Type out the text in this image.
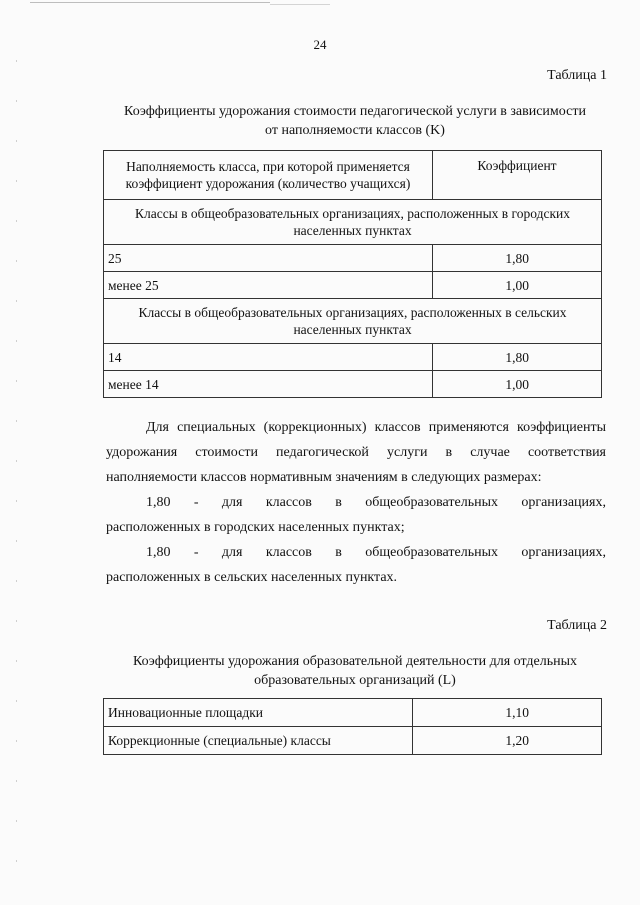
24
Таблица 1
Коэффициенты удорожания стоимости педагогической услуги в зависимости
от наполняемости классов (K)
Наполняемость класса, при которой применяется
коэффициент удорожания (количество учащихся)	Коэффициент

Классы в общеобразовательных организациях, расположенных в городских
населенных пунктах	

25	1,80
менее 25	1,00

Классы в общеобразовательных организациях, расположенных в сельских
населенных пунктах	

14	1,80
менее 14	1,00

Для специальных (коррекционных) классов применяются коэффициенты удорожания стоимости педагогической услуги в случае соответствия наполняемости классов нормативным значениям в следующих размерах:

1,80 - для классов в общеобразовательных организациях,

расположенных в городских населенных пунктах;

1,80 - для классов в общеобразовательных организациях,

расположенных в сельских населенных пунктах.

Таблица 2
Коэффициенты удорожания образовательной деятельности для отдельных
образовательных организаций (L)
Инновационные площадки	1,10
Коррекционные (специальные) классы	1,20
